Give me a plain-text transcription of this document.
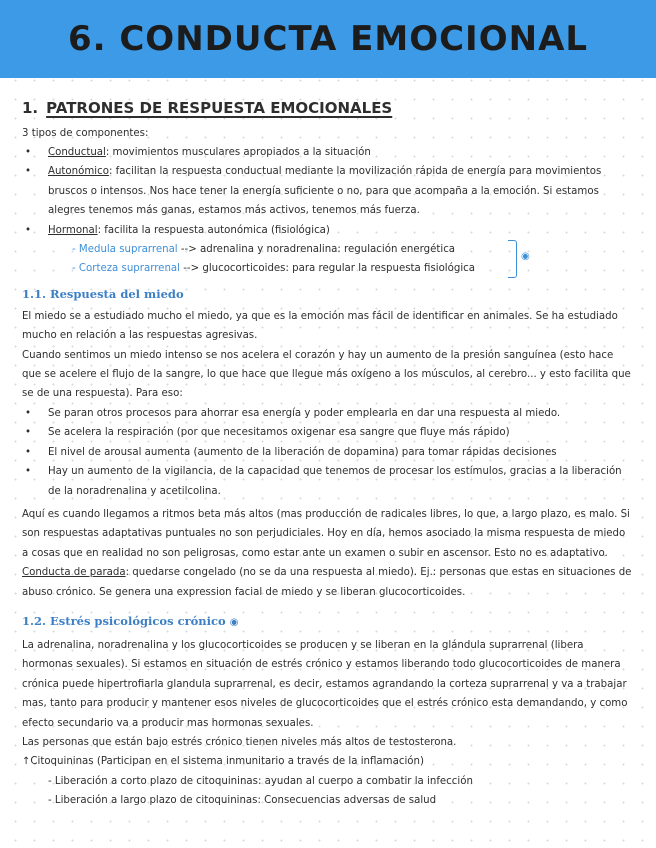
6. CONDUCTA EMOCIONAL
1. PATRONES DE RESPUESTA EMOCIONALES
3 tipos de componentes:
• Conductual: movimientos musculares apropiados a la situación
• Autonómico: facilitan la respuesta conductual mediante la movilización rápida de energía para movimientos bruscos o intensos. Nos hace tener la energía suficiente o no, para que acompaña a la emoción. Si estamos alegres tenemos más ganas, estamos más activos, tenemos más fuerza.
• Hormonal: facilita la respuesta autonómica (fisiológica)
- Medula suprarrenal --> adrenalina y noradrenalina: regulación energética
- Corteza suprarrenal --> glucocorticoides: para regular la respuesta fisiológica
◉
1.1. Respuesta del miedo

El miedo se a estudiado mucho el miedo, ya que es la emoción mas fácil de identificar en animales. Se ha estudiado mucho en relación a las respuestas agresivas.

Cuando sentimos un miedo intenso se nos acelera el corazón y hay un aumento de la presión sanguínea (esto hace que se acelere el flujo de la sangre, lo que hace que llegue más oxígeno a los músculos, al cerebro... y esto facilita que se de una respuesta). Para eso:

• Se paran otros procesos para ahorrar esa energía y poder emplearla en dar una respuesta al miedo.
• Se acelera la respiración (por que necesitamos oxigenar esa sangre que fluye más rápido)
• El nivel de arousal aumenta (aumento de la liberación de dopamina) para tomar rápidas decisiones
• Hay un aumento de la vigilancia, de la capacidad que tenemos de procesar los estímulos, gracias a la liberación de la noradrenalina y acetilcolina.

Aquí es cuando llegamos a ritmos beta más altos (mas producción de radicales libres, lo que, a largo plazo, es malo. Si son respuestas adaptativas puntuales no son perjudiciales. Hoy en día, hemos asociado la misma respuesta de miedo a cosas que en realidad no son peligrosas, como estar ante un examen o subir en ascensor. Esto no es adaptativo.

Conducta de parada: quedarse congelado (no se da una respuesta al miedo). Ej.: personas que estas en situaciones de abuso crónico. Se genera una expression facial de miedo y se liberan glucocorticoides.

1.2. Estrés psicológicos crónico ◉

La adrenalina, noradrenalina y los glucocorticoides se producen y se liberan en la glándula suprarrenal (libera hormonas sexuales). Si estamos en situación de estrés crónico y estamos liberando todo glucocorticoides de manera crónica puede hipertrofiarla glandula suprarrenal, es decir, estamos agrandando la corteza suprarrenal y va a trabajar mas, tanto para producir y mantener esos niveles de glucocorticoides que el estrés crónico esta demandando, y como efecto secundario va a producir mas hormonas sexuales.

Las personas que están bajo estrés crónico tienen niveles más altos de testosterona.

↑Citoquininas (Participan en el sistema inmunitario a través de la inflamación)

- Liberación a corto plazo de citoquininas: ayudan al cuerpo a combatir la infección
- Liberación a largo plazo de citoquininas: Consecuencias adversas de salud
